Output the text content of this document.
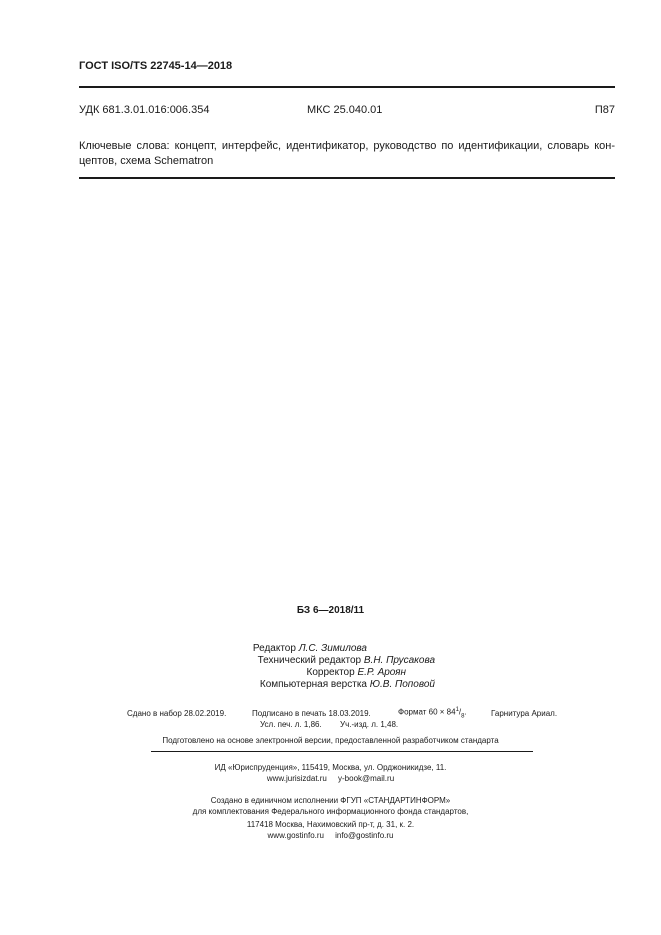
ГОСТ ISO/TS 22745-14—2018
УДК 681.3.01.016:006.354	МКС 25.040.01	П87
Ключевые слова: концепт, интерфейс, идентификатор, руководство по идентификации, словарь кон-
цептов, схема Schematron
БЗ 6—2018/11
Редактор Л.С. Зимилова
Технический редактор В.Н. Прусакова
Корректор Е.Р. Ароян
Компьютерная верстка Ю.В. Поповой
Сдано в набор 28.02.2019.	Подписано в печать 18.03.2019.	Формат $60 \times 84^1/_8$.	Гарнитура Ариал.
Усл. печ. л. 1,86. Уч.-изд. л. 1,48.
Подготовлено на основе электронной версии, предоставленной разработчиком стандарта
ИД «Юриспруденция», 115419, Москва, ул. Орджоникидзе, 11.
www.jurisizdat.ru y-book@mail.ru
Создано в единичном исполнении ФГУП «СТАНДАРТИНФОРМ»
для комплектования Федерального информационного фонда стандартов,
117418 Москва, Нахимовский пр-т, д. 31, к. 2.
www.gostinfo.ru info@gostinfo.ru
